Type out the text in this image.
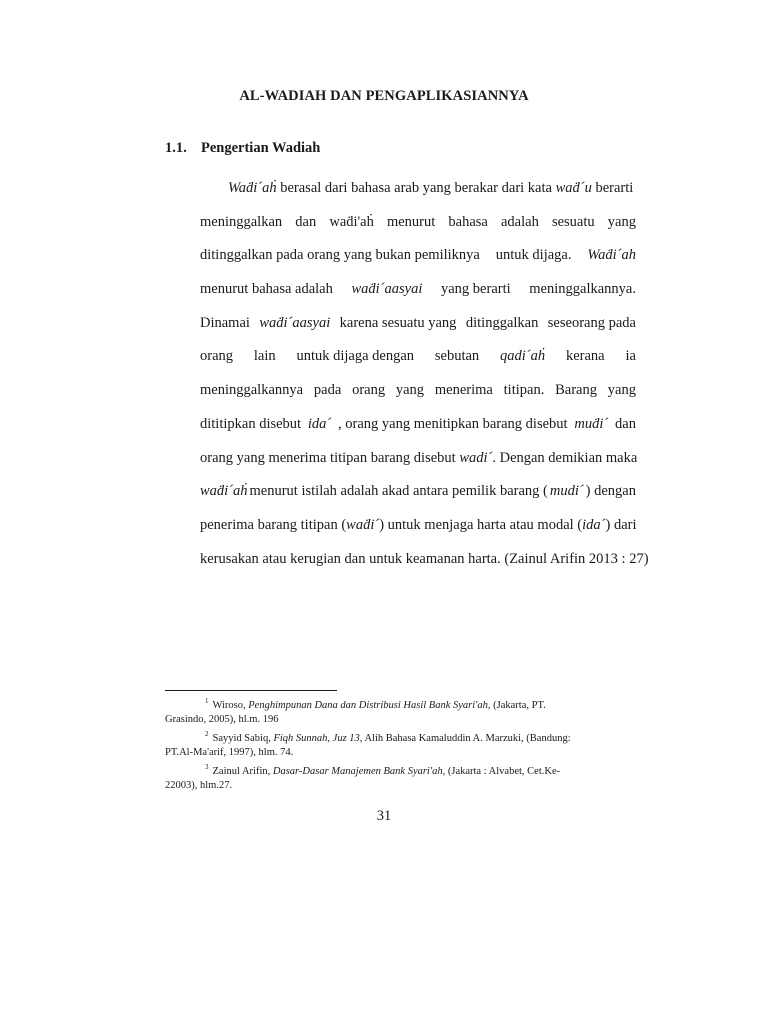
AL-WADIAH DAN PENGAPLIKASIANNYA
1.1. Pengertian Wadiah
Waḋi´aḣ berasal dari bahasa arab yang berakar dari kata waḋ´u berarti
meninggalkan dan waḋi'aḣ menurut bahasa adalah sesuatu yang
ditinggalkan pada orang yang bukan pemiliknya untuk dijaga. Waḋi´ah
menurut bahasa adalah waḋi´aasyai yang berarti meninggalkannya.
Dinamai waḋi´aasyai karena sesuatu yang ditinggalkan seseorang pada
orang lain untuk dijaga dengan sebutan qadi´aḣ kerana ia
meninggalkannya pada orang yang menerima titipan. Barang yang
dititipkan disebut ida´ , orang yang menitipkan barang disebut muḋi´ dan
orang yang menerima titipan barang disebut wadi´ . Dengan demikian maka
waḋi´aḣ menurut istilah adalah akad antara pemilik barang ( mudi´ ) dengan
penerima barang titipan ( waḋi´ ) untuk menjaga harta atau modal ( ida´ ) dari
kerusakan atau kerugian dan untuk keamanan harta. (Zainul Arifin 2013 : 27)
$^1$ Wiroso, Penghimpunan Dana dan Distribusi Hasil Bank Syari'ah, (Jakarta, PT.
Grasindo, 2005), hl.m. 196
$^2$ Sayyid Sabiq, Fiqh Sunnah, Juz 13, Alih Bahasa Kamaluddin A. Marzuki, (Bandung:
PT.Al-Ma'arif, 1997), hlm. 74.
$^3$ Zainul Arifin, Dasar-Dasar Manajemen Bank Syari'ah, (Jakarta : Alvabet, Cet.Ke-
22003), hlm.27.
31
